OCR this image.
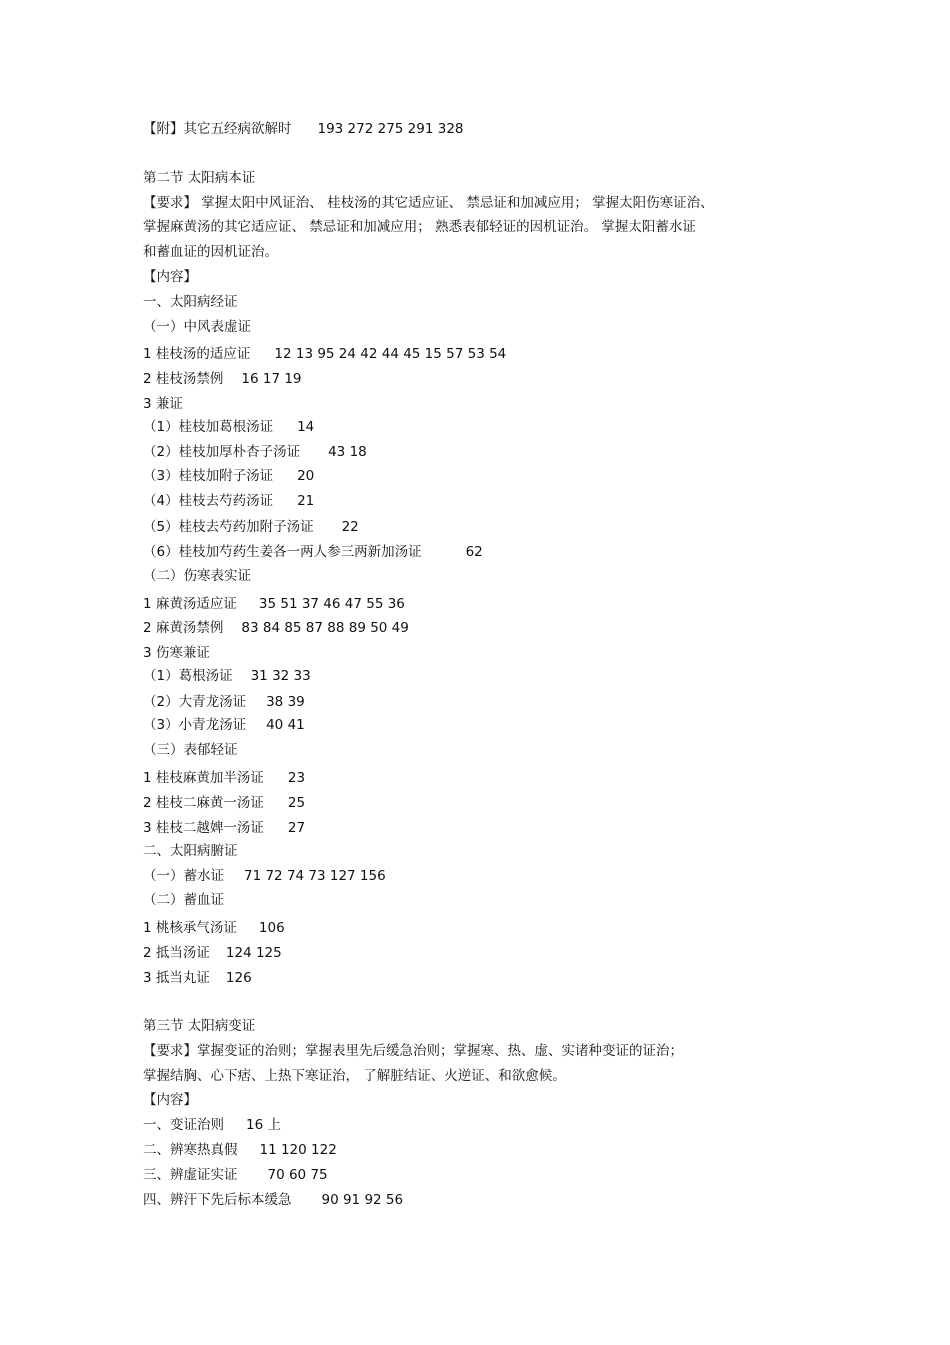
【附】其它五经病欲解时 193 272 275 291 328
第二节 太阳病本证
【要求】 掌握太阳中风证治、 桂枝汤的其它适应证、 禁忌证和加减应用； 掌握太阳伤寒证治、
掌握麻黄汤的其它适应证、 禁忌证和加减应用； 熟悉表郁轻证的因机证治。 掌握太阳蓄水证
和蓄血证的因机证治。
【内容】
一、太阳病经证
（一）中风表虚证
1 桂枝汤的适应证 12 13 95 24 42 44 45 15 57 53 54
2 桂枝汤禁例 16 17 19
3 兼证
（1）桂枝加葛根汤证 14
（2）桂枝加厚朴杏子汤证 43 18
（3）桂枝加附子汤证 20
（4）桂枝去芍药汤证 21
（5）桂枝去芍药加附子汤证 22
（6）桂枝加芍药生姜各一两人参三两新加汤证	62
（二）伤寒表实证
1 麻黄汤适应证 35 51 37 46 47 55 36
2 麻黄汤禁例 83 84 85 87 88 89 50 49
3 伤寒兼证
（1）葛根汤证 31 32 33
（2）大青龙汤证 38 39
（3）小青龙汤证 40 41
（三）表郁轻证
1 桂枝麻黄加半汤证 23
2 桂枝二麻黄一汤证 25
3 桂枝二越婢一汤证 27
二、太阳病腑证
（一）蓄水证 71 72 74 73 127 156
（二）蓄血证
1 桃核承气汤证 106
2 抵当汤证 124 125
3 抵当丸证 126
第三节 太阳病变证
【要求】掌握变证的治则；掌握表里先后缓急治则；掌握寒、热、虚、实诸种变证的证治；
掌握结胸、心下痞、上热下寒证治， 了解脏结证、火逆证、和欲愈候。
【内容】
一、变证治则 16 上
二、辨寒热真假 11 120 122
三、辨虚证实证 70 60 75
四、辨汗下先后标本缓急 90 91 92 56
